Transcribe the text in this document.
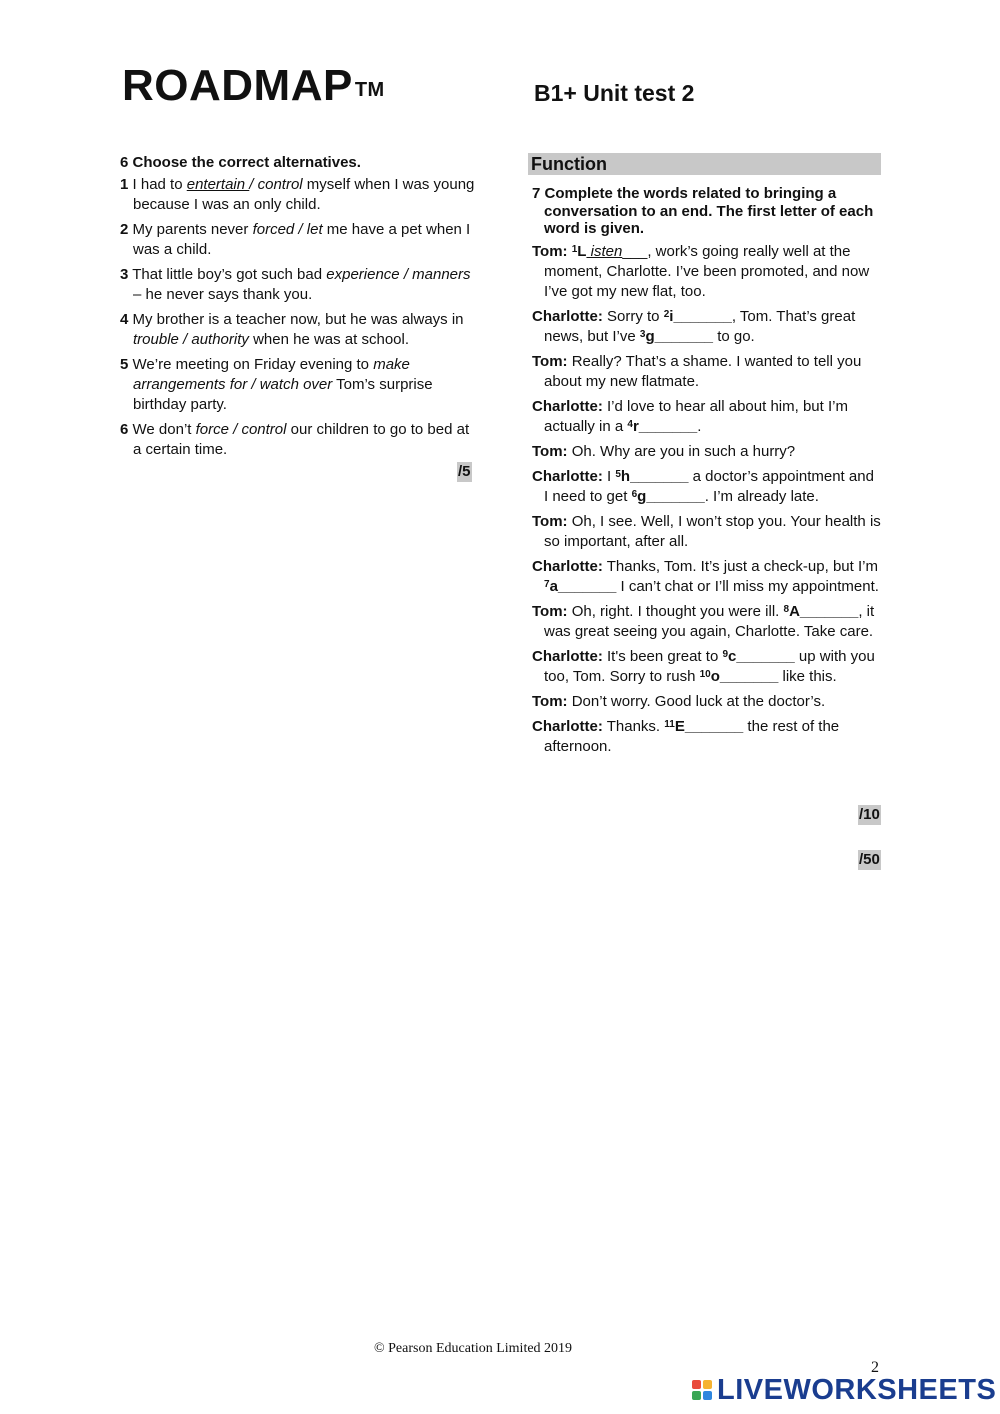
ROADMAP ™	B1+ Unit test 2
6 Choose the correct alternatives.
1 I had to entertain / control myself when I was young because I was an only child.
2 My parents never forced / let me have a pet when I was a child.
3 That little boy’s got such bad experience / manners – he never says thank you.
4 My brother is a teacher now, but he was always in trouble / authority when he was at school.
5 We’re meeting on Friday evening to make arrangements for / watch over Tom’s surprise birthday party.
6 We don’t force / control our children to go to bed at a certain time.
/5
Function
7 Complete the words related to bringing a conversation to an end. The first letter of each word is given.
Tom: $^1$L isten___, work’s going really well at the moment, Charlotte. I’ve been promoted, and now I’ve got my new flat, too.
Charlotte: Sorry to $^2$i_______, Tom. That’s great news, but I’ve $^3$g_______ to go.
Tom: Really? That’s a shame. I wanted to tell you about my new flatmate.
Charlotte: I’d love to hear all about him, but I’m actually in a $^4$r_______.
Tom: Oh. Why are you in such a hurry?
Charlotte: I $^5$h_______ a doctor’s appointment and I need to get $^6$g_______. I’m already late.
Tom: Oh, I see. Well, I won’t stop you. Your health is so important, after all.
Charlotte: Thanks, Tom. It’s just a check-up, but I’m $^7$a_______ I can’t chat or I’ll miss my appointment.
Tom: Oh, right. I thought you were ill. $^8$A_______, it was great seeing you again, Charlotte. Take care.
Charlotte: It's been great to $^9$c_______ up with you too, Tom. Sorry to rush $^{10}$o_______ like this.
Tom: Don’t worry. Good luck at the doctor’s.
Charlotte: Thanks. $^{11}$E_______ the rest of the afternoon.
/10
/50
© Pearson Education Limited 2019
2
LIVEWORKSHEETS
